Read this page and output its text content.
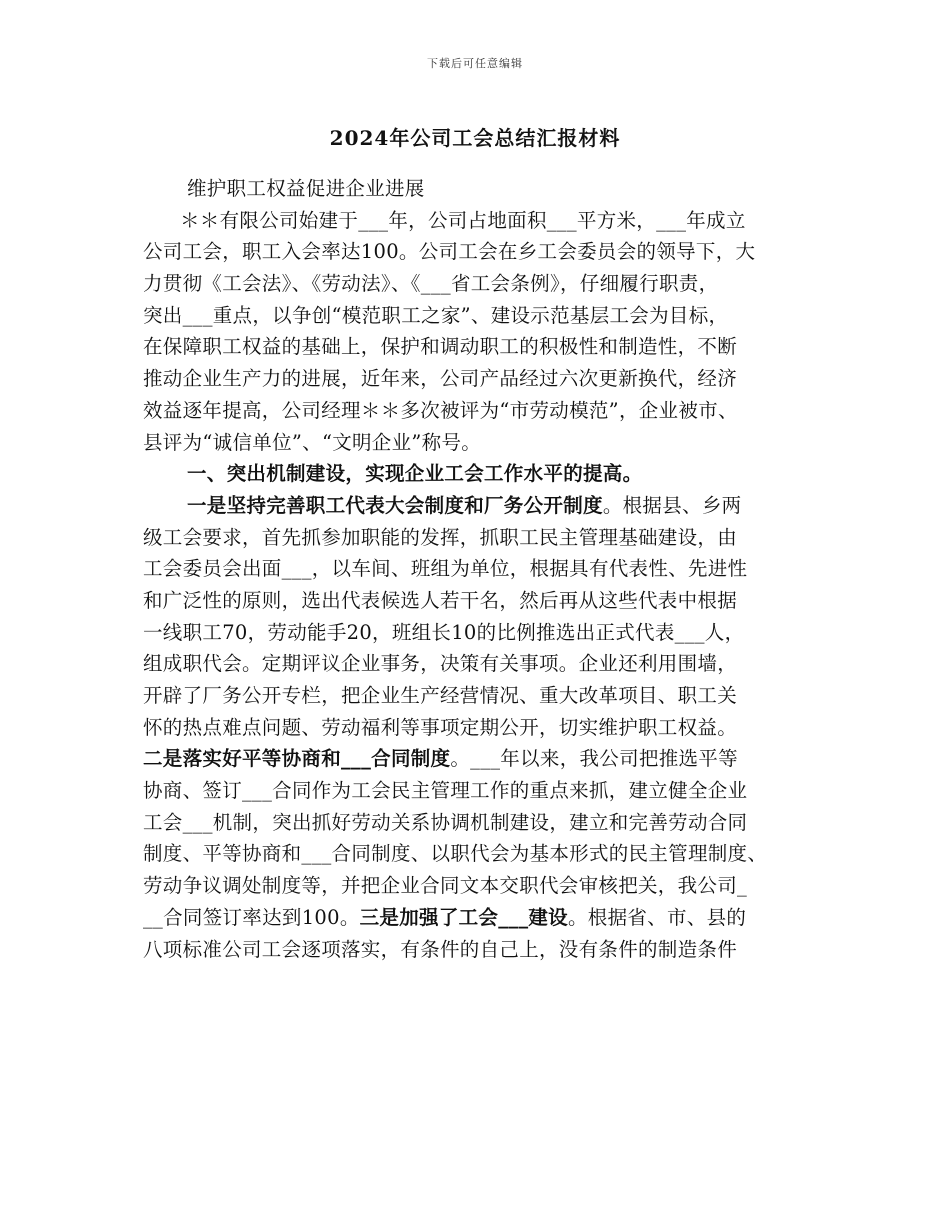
下载后可任意编辑
2024年公司工会总结汇报材料
维护职工权益促进企业进展
＊＊有限公司始建于___年，公司占地面积___平方米，___年成立
公司工会，职工入会率达100。公司工会在乡工会委员会的领导下，大
力贯彻《工会法》、《劳动法》、《___省工会条例》，仔细履行职责，
突出___重点，以争创“模范职工之家”、建设示范基层工会为目标，
在保障职工权益的基础上，保护和调动职工的积极性和制造性，不断
推动企业生产力的进展，近年来，公司产品经过六次更新换代，经济
效益逐年提高，公司经理＊＊多次被评为“市劳动模范”，企业被市、
县评为“诚信单位”、“文明企业”称号。
一、突出机制建设，实现企业工会工作水平的提高。
一是坚持完善职工代表大会制度和厂务公开制度。根据县、乡两
级工会要求，首先抓参加职能的发挥，抓职工民主管理基础建设，由
工会委员会出面___，以车间、班组为单位，根据具有代表性、先进性
和广泛性的原则，选出代表候选人若干名，然后再从这些代表中根据
一线职工70，劳动能手20，班组长10的比例推选出正式代表___人，
组成职代会。定期评议企业事务，决策有关事项。企业还利用围墙，
开辟了厂务公开专栏，把企业生产经营情况、重大改革项目、职工关
怀的热点难点问题、劳动福利等事项定期公开，切实维护职工权益。
二是落实好平等协商和___合同制度。___年以来，我公司把推选平等
协商、签订___合同作为工会民主管理工作的重点来抓，建立健全企业
工会___机制，突出抓好劳动关系协调机制建设，建立和完善劳动合同
制度、平等协商和___合同制度、以职代会为基本形式的民主管理制度、
劳动争议调处制度等，并把企业合同文本交职代会审核把关，我公司_
__合同签订率达到100。三是加强了工会___建设。根据省、市、县的
八项标准公司工会逐项落实，有条件的自己上，没有条件的制造条件
